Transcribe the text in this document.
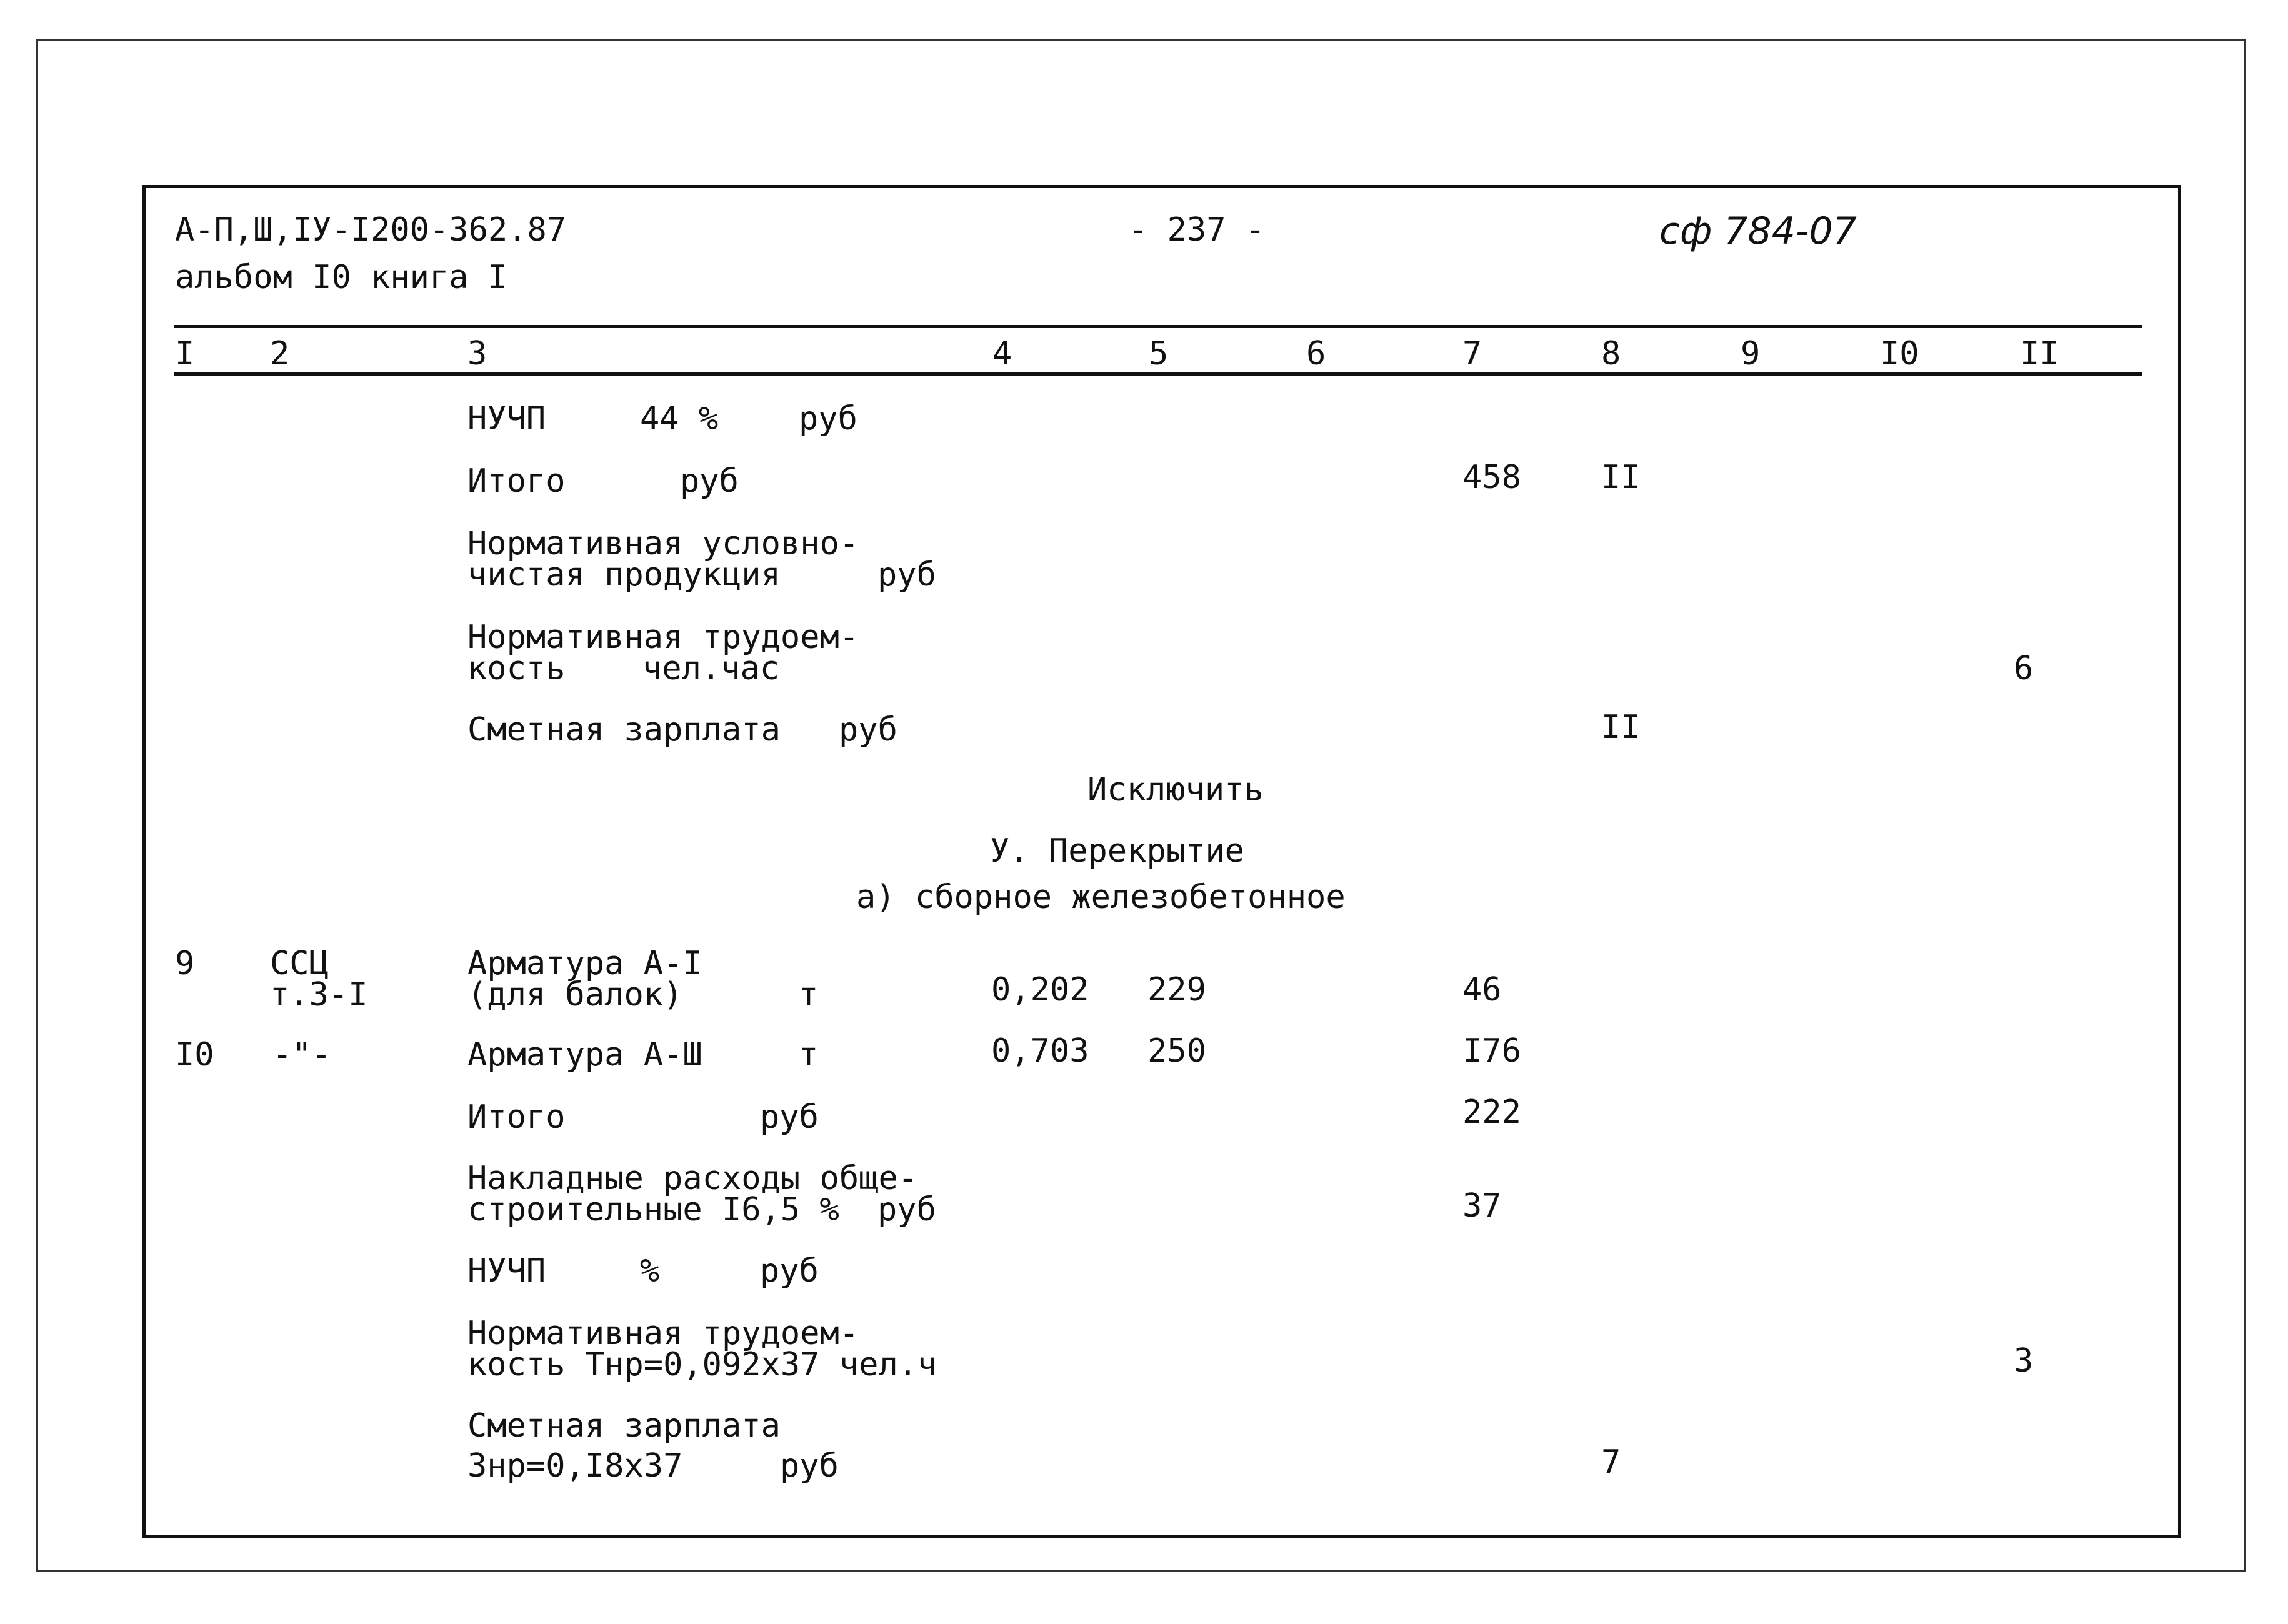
А-П,Ш,IУ-I200-362.87
альбом I0 книга I
- 237 -	сф 784-07
I 2	3	4	5	6	7	8	9	I0	II
НУЧП	44 % руб
Итого	руб	458 II
Нормативная условно-
чистая продукция	руб
Нормативная трудоем-
кость чел.час	6
Сметная зарплата руб	II
Исключить
У. Перекрытие
а) сборное железобетонное
9 ССЦ
т.3-I
Арматура А-I
(для балок)	т	0,202 229	46
I0 -"-	Арматура А-Ш	т	0,703 250	I76
Итого	руб	222
Накладные расходы обще-
строительные I6,5 % руб	37
НУЧП	%	руб
Нормативная трудоем-
кость Тнр=0,092х37 чел.ч	3
Сметная зарплата
Знр=0,I8х37	руб	7
